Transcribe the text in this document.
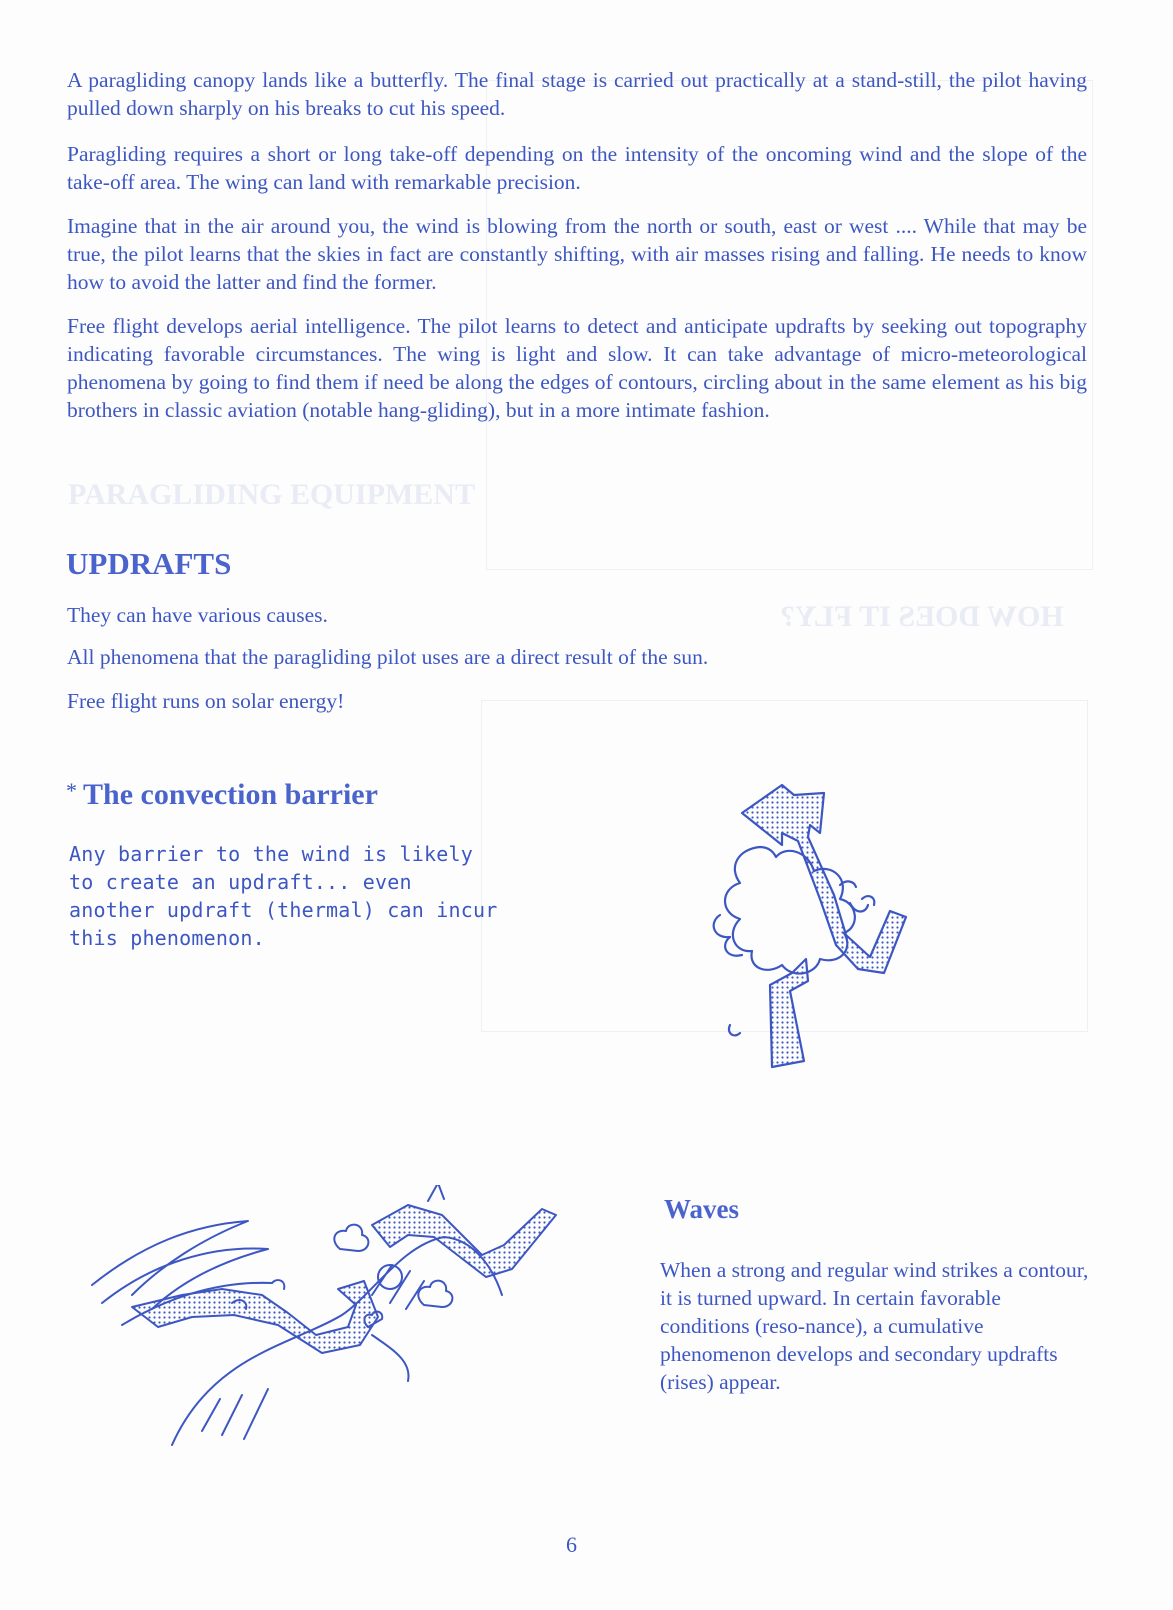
PARAGLIDING EQUIPMENT
HOW DOES IT FLY?

A paragliding canopy lands like a butterfly. The final stage is carried out practically at a stand-still, the pilot having pulled down sharply on his breaks to cut his speed.

Paragliding requires a short or long take-off depending on the intensity of the oncoming wind and the slope of the take-off area. The wing can land with remarkable precision.

Imagine that in the air around you, the wind is blowing from the north or south, east or west .... While that may be true, the pilot learns that the skies in fact are constantly shifting, with air masses rising and falling. He needs to know how to avoid the latter and find the former.

Free flight develops aerial intelligence. The pilot learns to detect and anticipate updrafts by seeking out topography indicating favorable circumstances. The wing is light and slow. It can take advantage of micro-meteorological phenomena by going to find them if need be along the edges of contours, circling about in the same element as his big brothers in classic aviation (notable hang-gliding), but in a more intimate fashion.

UPDRAFTS

They can have various causes.

All phenomena that the paragliding pilot uses are a direct result of the sun.

Free flight runs on solar energy!

* The convection barrier

Any barrier to the wind is likely to create an updraft... even another updraft (thermal) can incur this phenomenon.

Waves

When a strong and regular wind strikes a contour, it is turned upward. In certain favorable conditions (reso-nance), a cumulative phenomenon develops and secondary updrafts (rises) appear.

6
